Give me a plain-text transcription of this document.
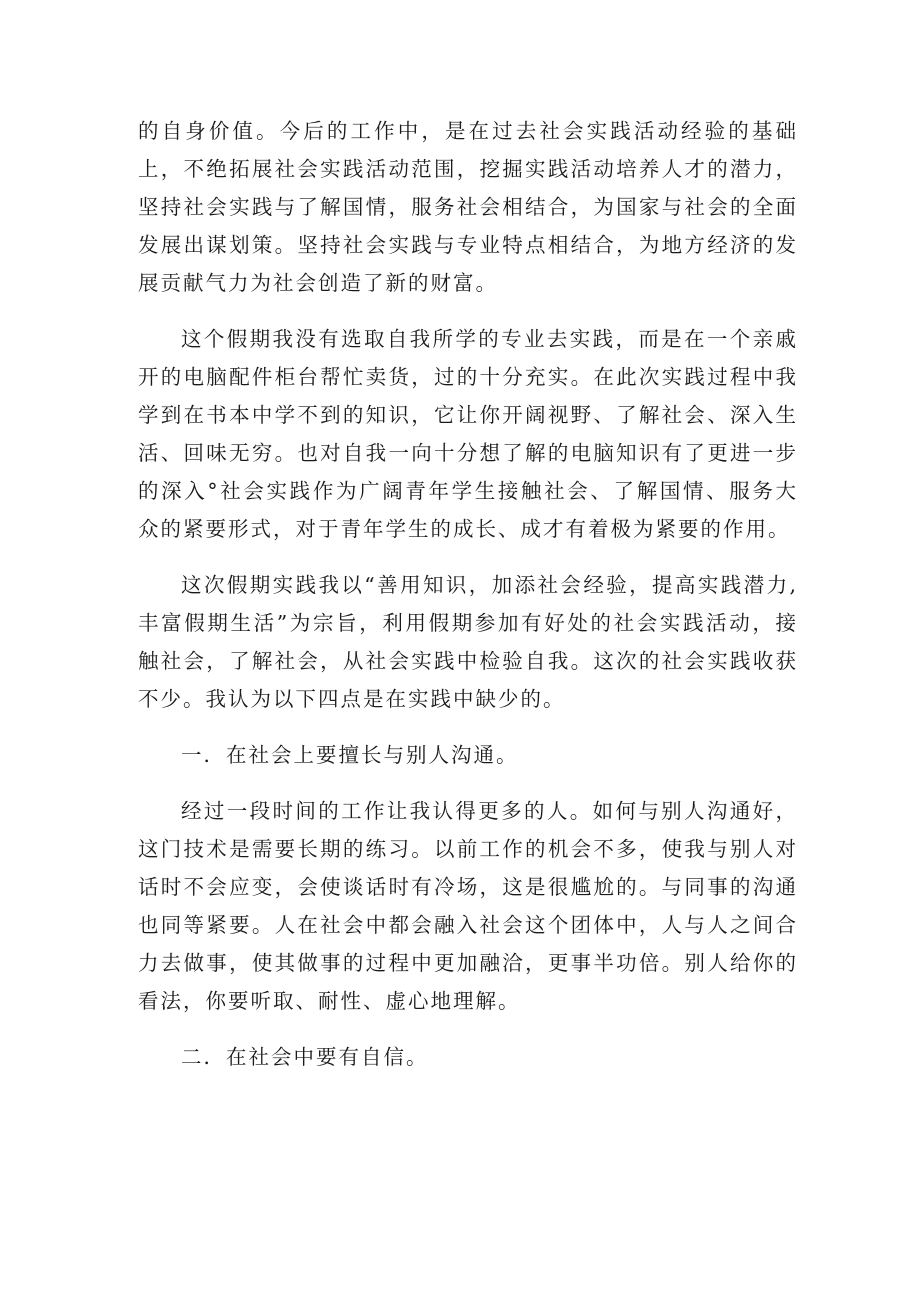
的自身价值。今后的工作中，是在过去社会实践活动经验的基础上，不绝拓展社会实践活动范围，挖掘实践活动培养人才的潜力，坚持社会实践与了解国情，服务社会相结合，为国家与社会的全面发展出谋划策。坚持社会实践与专业特点相结合，为地方经济的发展贡献气力为社会创造了新的财富。

这个假期我没有选取自我所学的专业去实践，而是在一个亲戚开的电脑配件柜台帮忙卖货，过的十分充实。在此次实践过程中我学到在书本中学不到的知识，它让你开阔视野、了解社会、深入生活、回味无穷。也对自我一向十分想了解的电脑知识有了更进一步的深入°社会实践作为广阔青年学生接触社会、了解国情、服务大众的紧要形式，对于青年学生的成长、成才有着极为紧要的作用。

这次假期实践我以“善用知识，加添社会经验，提高实践潜力,丰富假期生活”为宗旨，利用假期参加有好处的社会实践活动，接触社会，了解社会，从社会实践中检验自我。这次的社会实践收获不少。我认为以下四点是在实践中缺少的。

一．在社会上要擅长与别人沟通。

经过一段时间的工作让我认得更多的人。如何与别人沟通好，这门技术是需要长期的练习。以前工作的机会不多，使我与别人对话时不会应变，会使谈话时有冷场，这是很尴尬的。与同事的沟通也同等紧要。人在社会中都会融入社会这个团体中，人与人之间合力去做事，使其做事的过程中更加融洽，更事半功倍。别人给你的看法，你要听取、耐性、虚心地理解。

二．在社会中要有自信。
